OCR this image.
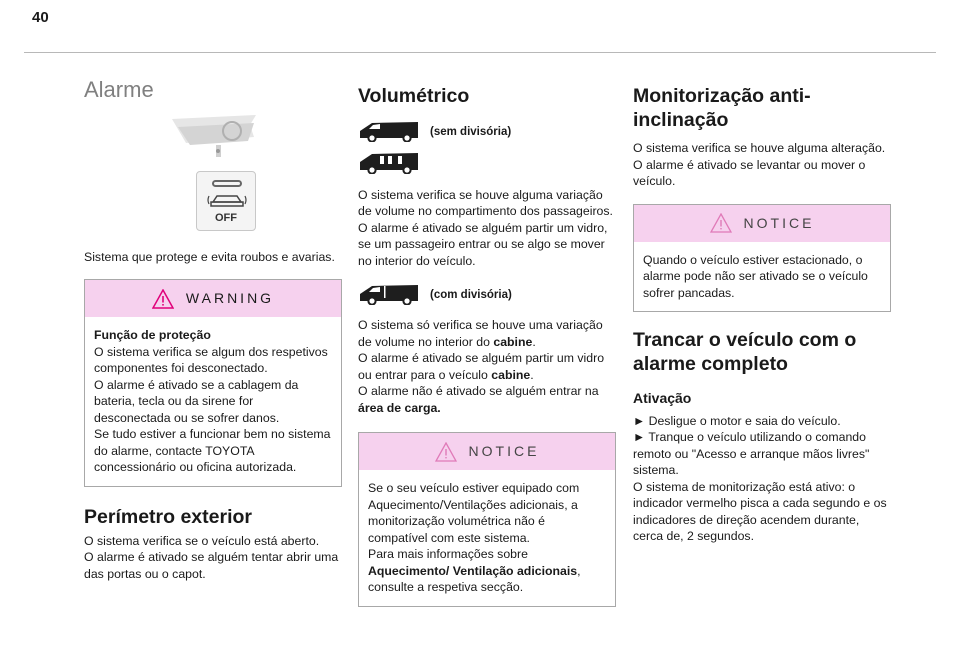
40
Alarme
OFF

Sistema que protege e evita roubos e avarias.

WARNING

Função de proteção

O sistema verifica se algum dos respetivos componentes foi desconectado.

O alarme é ativado se a cablagem da bateria, tecla ou da sirene for desconectada ou se sofrer danos.

Se tudo estiver a funcionar bem no sistema do alarme, contacte TOYOTA concessionário ou oficina autorizada.

Perímetro exterior

O sistema verifica se o veículo está aberto.

O alarme é ativado se alguém tentar abrir uma das portas ou o capot.

Volumétrico
(sem divisória)

O sistema verifica se houve alguma variação de volume no compartimento dos passageiros.

O alarme é ativado se alguém partir um vidro, se um passageiro entrar ou se algo se mover no interior do veículo.

(com divisória)

O sistema só verifica se houve uma variação de volume no interior do cabine.

O alarme é ativado se alguém partir um vidro ou entrar para o veículo cabine.

O alarme não é ativado se alguém entrar na área de carga.

NOTICE

Se o seu veículo estiver equipado com Aquecimento/Ventilações adicionais, a monitorização volumétrica não é compatível com este sistema.

Para mais informações sobre Aquecimento/ Ventilação adicionais, consulte a respetiva secção.

Monitorização anti-inclinação

O sistema verifica se houve alguma alteração.

O alarme é ativado se levantar ou mover o veículo.

NOTICE

Quando o veículo estiver estacionado, o alarme pode não ser ativado se o veículo sofrer pancadas.

Trancar o veículo com o alarme completo
Ativação

► Desligue o motor e saia do veículo.

► Tranque o veículo utilizando o comando remoto ou "Acesso e arranque mãos livres" sistema.

O sistema de monitorização está ativo: o indicador vermelho pisca a cada segundo e os indicadores de direção acendem durante, cerca de, 2 segundos.
